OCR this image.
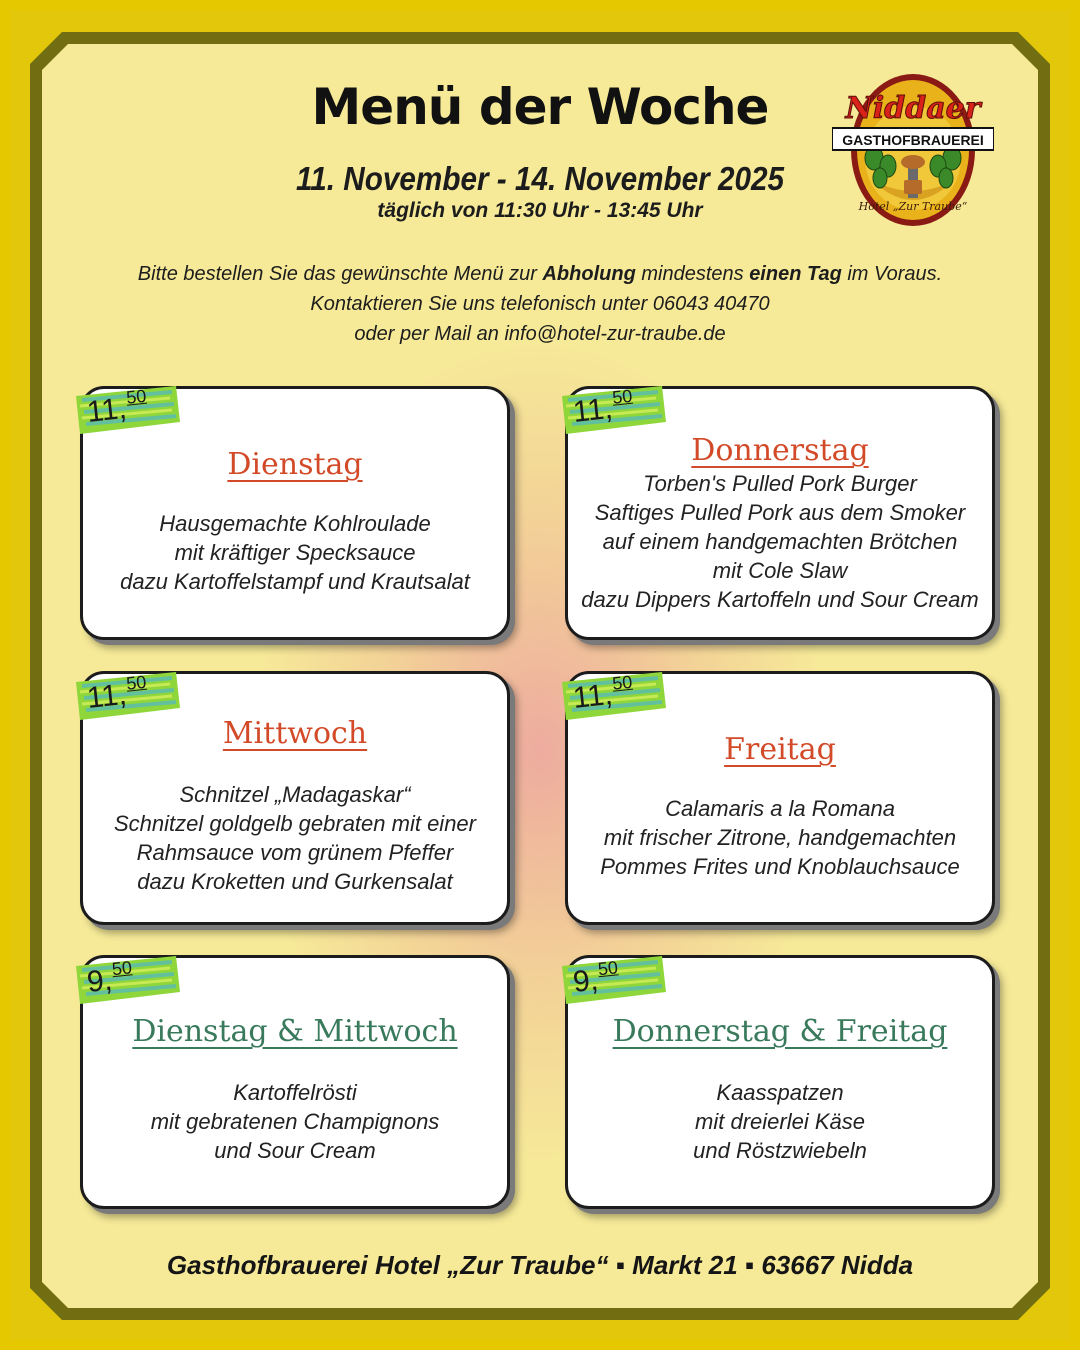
Menü der Woche
11. November - 14. November 2025
täglich von 11:30 Uhr - 13:45 Uhr
Bitte bestellen Sie das gewünschte Menü zur Abholung mindestens einen Tag im Voraus.
Kontaktieren Sie uns telefonisch unter 06043 40470
oder per Mail an info@hotel-zur-traube.de
GASTHOFBRAUEREI
Niddaer
Hotel „Zur Traube“
Dienstag
Hausgemachte Kohlroulade
mit kräftiger Specksauce
dazu Kartoffelstampf und Krautsalat
Donnerstag
Torben's Pulled Pork Burger
Saftiges Pulled Pork aus dem Smoker
auf einem handgemachten Brötchen
mit Cole Slaw
dazu Dippers Kartoffeln und Sour Cream
Mittwoch
Schnitzel „Madagaskar“
Schnitzel goldgelb gebraten mit einer
Rahmsauce vom grünem Pfeffer
dazu Kroketten und Gurkensalat
Freitag
Calamaris a la Romana
mit frischer Zitrone, handgemachten
Pommes Frites und Knoblauchsauce
Dienstag & Mittwoch
Kartoffelrösti
mit gebratenen Champignons
und Sour Cream
Donnerstag & Freitag
Kaasspatzen
mit dreierlei Käse
und Röstzwiebeln
11,50	11,50
11,50	11,50
9,50	9,50
Gasthofbrauerei Hotel „Zur Traube“ ▪ Markt 21 ▪ 63667 Nidda
